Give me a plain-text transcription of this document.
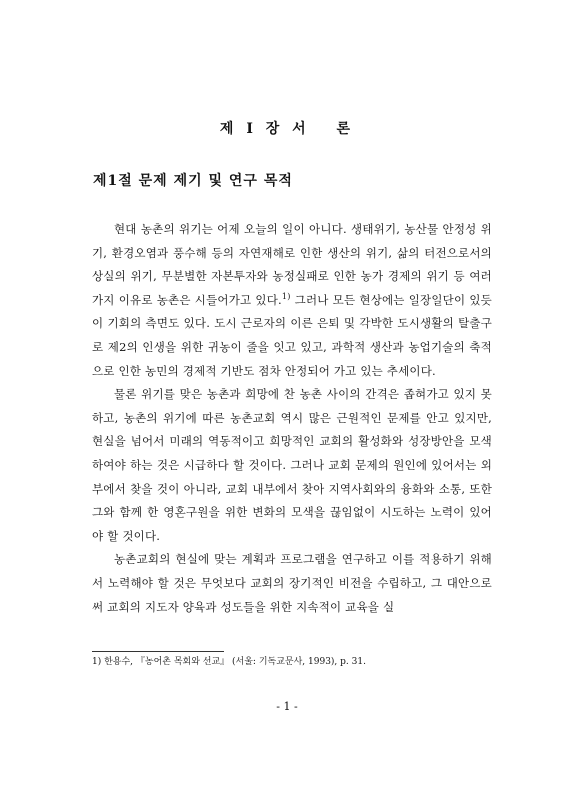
제 I 장 서　 론
제1절 문제 제기 및 연구 목적

현대 농촌의 위기는 어제 오늘의 일이 아니다. 생태위기, 농산물 안정성 위기, 환경오염과 풍수해 등의 자연재해로 인한 생산의 위기, 삶의 터전으로서의 상실의 위기, 무분별한 자본투자와 농정실패로 인한 농가 경제의 위기 등 여러 가지 이유로 농촌은 시들어가고 있다.$^{1)}$ 그러나 모든 현상에는 일장일단이 있듯이 기회의 측면도 있다. 도시 근로자의 이른 은퇴 및 각박한 도시생활의 탈출구로 제2의 인생을 위한 귀농이 줄을 잇고 있고, 과학적 생산과 농업기술의 축적으로 인한 농민의 경제적 기반도 점차 안정되어 가고 있는 추세이다.

물론 위기를 맞은 농촌과 희망에 찬 농촌 사이의 간격은 좁혀가고 있지 못하고, 농촌의 위기에 따른 농촌교회 역시 많은 근원적인 문제를 안고 있지만, 현실을 넘어서 미래의 역동적이고 희망적인 교회의 활성화와 성장방안을 모색하여야 하는 것은 시급하다 할 것이다. 그러나 교회 문제의 원인에 있어서는 외부에서 찾을 것이 아니라, 교회 내부에서 찾아 지역사회와의 융화와 소통, 또한 그와 함께 한 영혼구원을 위한 변화의 모색을 끊임없이 시도하는 노력이 있어야 할 것이다.

농촌교회의 현실에 맞는 계획과 프로그램을 연구하고 이를 적용하기 위해서 노력해야 할 것은 무엇보다 교회의 장기적인 비전을 수립하고, 그 대안으로써 교회의 지도자 양육과 성도들을 위한 지속적이 교육을 실

1) 한용수, 『농어촌 목회와 선교』 (서울: 기독교문사, 1993), p. 31.
- 1 -
